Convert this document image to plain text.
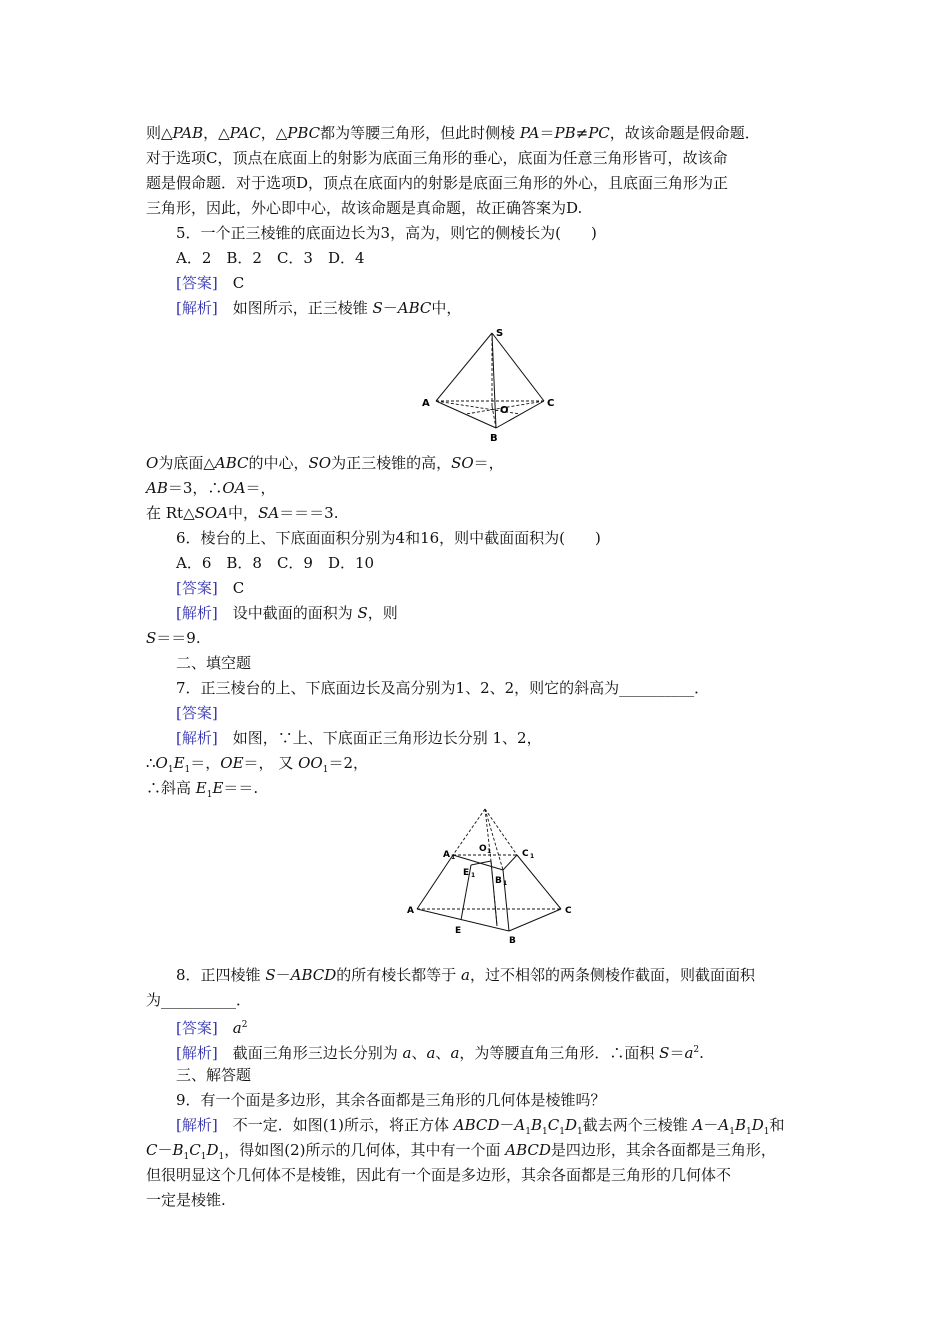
则△PAB，△PAC，△PBC都为等腰三角形，但此时侧棱 PA＝PB≠PC，故该命题是假命题．
对于选项C，顶点在底面上的射影为底面三角形的垂心，底面为任意三角形皆可，故该命
题是假命题．对于选项D，顶点在底面内的射影是底面三角形的外心，且底面三角形为正
三角形，因此，外心即中心，故该命题是真命题，故正确答案为D.
5．一个正三棱锥的底面边长为3，高为，则它的侧棱长为(　　)
A．2　B．2　C．3　D．4
[答案]　C
[解析]　如图所示，正三棱锥 S－ABC中，
S
A	C
O
B
O为底面△ABC的中心，SO为正三棱锥的高，SO＝，
AB＝3，∴OA＝，
在 Rt△SOA中，SA＝＝＝3.
6．棱台的上、下底面面积分别为4和16，则中截面面积为(　　)
A．6　B．8　C．9　D．10
[答案]　C
[解析]　设中截面的面积为 S，则
S＝＝9.
二、填空题
7．正三棱台的上、下底面边长及高分别为1、2、2，则它的斜高为__________．
[答案]
[解析]　如图，∵上、下底面正三角形边长分别 1、2，
$\therefore O_1E_1=$，OE＝， 又 $OO_1=2$，
∴斜高 $E_1E==$.
A 1
O 1	C 1
E 1
B 1
A	C
E
B
8．正四棱锥 S－ABCD的所有棱长都等于 a，过不相邻的两条侧棱作截面，则截面面积
为__________．
[答案]　 $a^2$
[解析]　截面三角形三边长分别为 a、a、a，为等腰直角三角形．∴面积 $S=a^2$.
三、解答题
9．有一个面是多边形，其余各面都是三角形的几何体是棱锥吗？
[解析]　不一定．如图(1)所示，将正方体 $ABCD-A_1B_1C_1D_1$截去两个三棱锥 $A-A_1B_1D_1$和
$C-B_1C_1D_1$，得如图(2)所示的几何体，其中有一个面 ABCD是四边形，其余各面都是三角形，
但很明显这个几何体不是棱锥，因此有一个面是多边形，其余各面都是三角形的几何体不
一定是棱锥.
